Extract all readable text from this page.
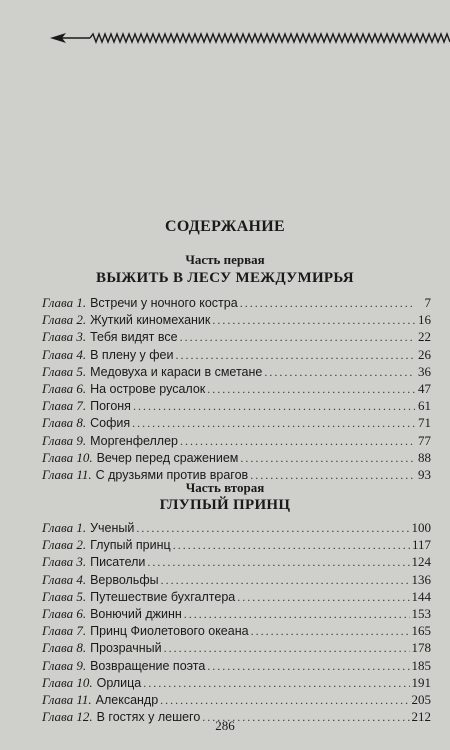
СОДЕРЖАНИЕ
Часть первая
ВЫЖИТЬ В ЛЕСУ МЕЖДУМИРЬЯ
Глава 1. Встречи у ночного костра . . .	7
Глава 2. Жуткий киномеханик . . .	16
Глава 3. Тебя видят все . . .	22
Глава 4. В плену у феи . . .	26
Глава 5. Медовуха и караси в сметане . . .	36
Глава 6. На острове русалок . . .	47
Глава 7. Погоня . . .	61
Глава 8. София . . .	71
Глава 9. Моргенфеллер . . .	77
Глава 10. Вечер перед сражением . . .	88
Глава 11. С друзьями против врагов . . .	93
Часть вторая
ГЛУПЫЙ ПРИНЦ
Глава 1. Ученый . . .	100
Глава 2. Глупый принц . . .	117
Глава 3. Писатели . . .	124
Глава 4. Вервольфы . . .	136
Глава 5. Путешествие бухгалтера . . .	144
Глава 6. Вонючий джинн . . .	153
Глава 7. Принц Фиолетового океана . . .	165
Глава 8. Прозрачный . . .	178
Глава 9. Возвращение поэта . . .	185
Глава 10. Орлица . . .	191
Глава 11. Александр . . .	205
Глава 12. В гостях у лешего . . .	212
286
